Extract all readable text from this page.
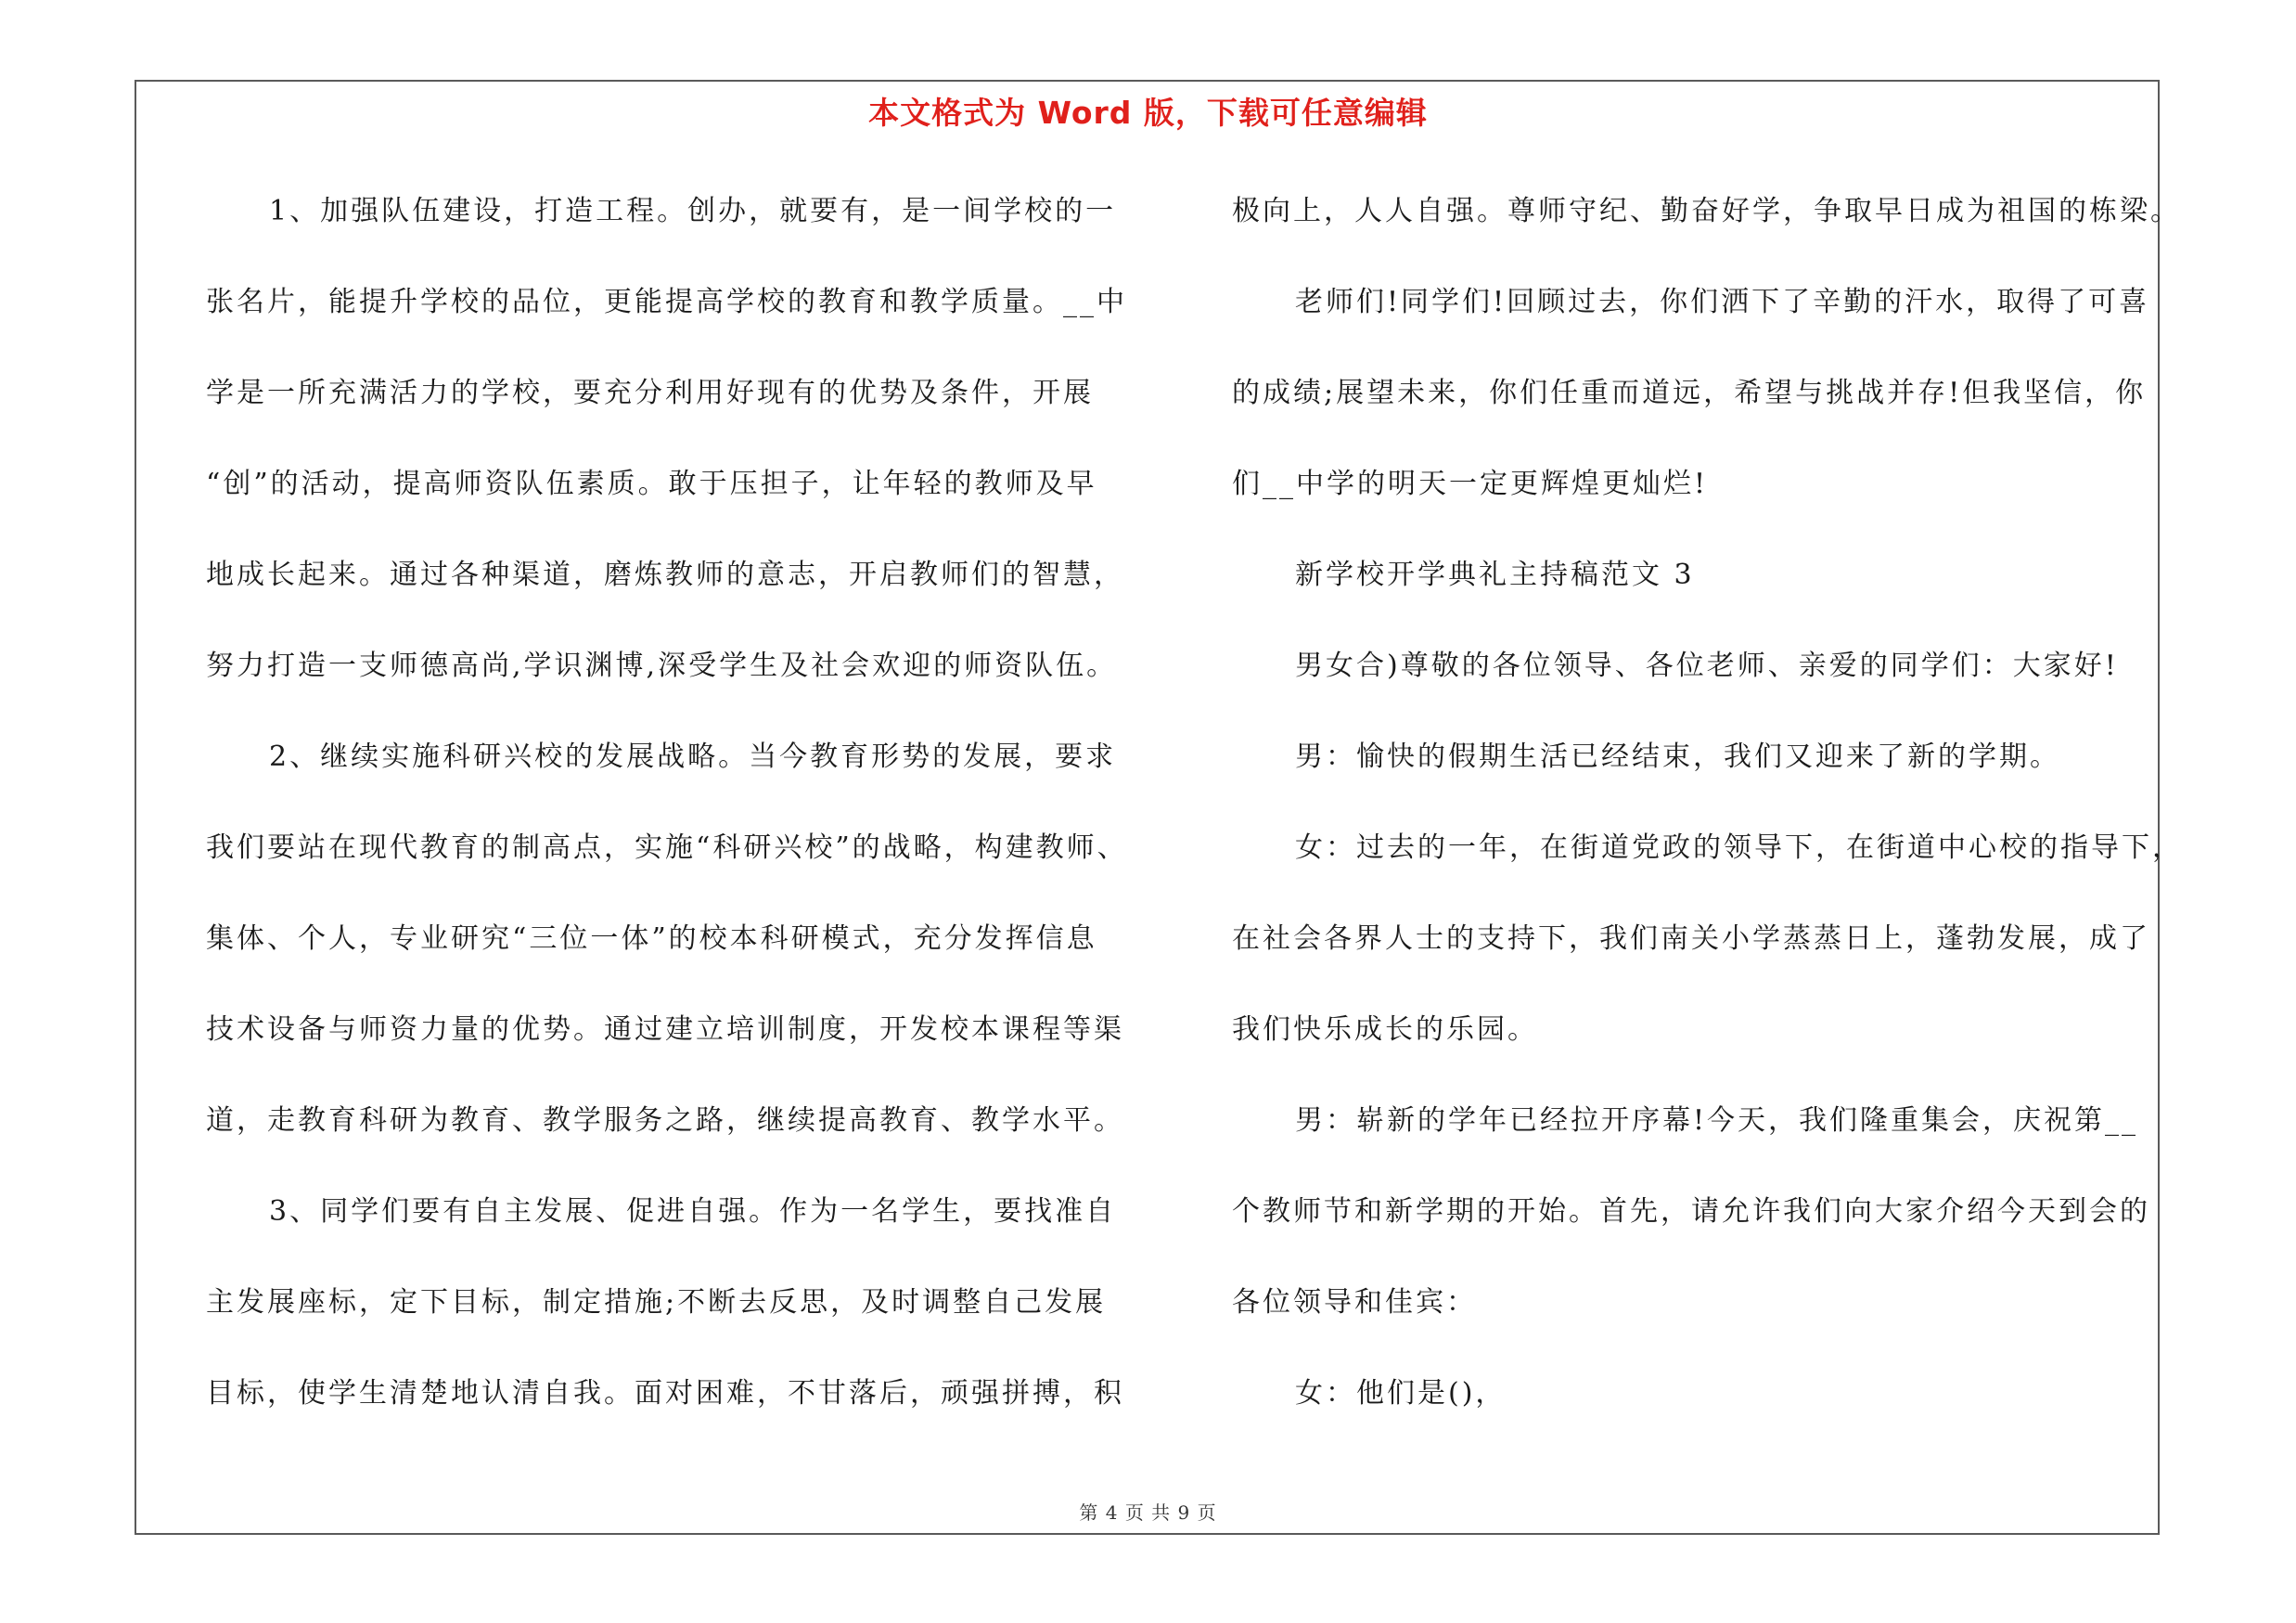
本文格式为 Word 版，下载可任意编辑
1、加强队伍建设，打造工程。创办，就要有，是一间学校的一
张名片，能提升学校的品位，更能提高学校的教育和教学质量。__中
学是一所充满活力的学校，要充分利用好现有的优势及条件，开展
“创”的活动，提高师资队伍素质。敢于压担子，让年轻的教师及早
地成长起来。通过各种渠道，磨炼教师的意志，开启教师们的智慧，
努力打造一支师德高尚,学识渊博,深受学生及社会欢迎的师资队伍。
2、继续实施科研兴校的发展战略。当今教育形势的发展，要求
我们要站在现代教育的制高点，实施“科研兴校”的战略，构建教师、
集体、个人，专业研究“三位一体”的校本科研模式，充分发挥信息
技术设备与师资力量的优势。通过建立培训制度，开发校本课程等渠
道，走教育科研为教育、教学服务之路，继续提高教育、教学水平。
3、同学们要有自主发展、促进自强。作为一名学生，要找准自
主发展座标，定下目标，制定措施;不断去反思，及时调整自己发展
目标，使学生清楚地认清自我。面对困难，不甘落后，顽强拼搏，积
极向上，人人自强。尊师守纪、勤奋好学，争取早日成为祖国的栋梁。
老师们!同学们!回顾过去，你们洒下了辛勤的汗水，取得了可喜
的成绩;展望未来，你们任重而道远，希望与挑战并存!但我坚信，你
们__中学的明天一定更辉煌更灿烂!
新学校开学典礼主持稿范文 3
男女合)尊敬的各位领导、各位老师、亲爱的同学们：大家好!
男：愉快的假期生活已经结束，我们又迎来了新的学期。
女：过去的一年，在街道党政的领导下，在街道中心校的指导下，
在社会各界人士的支持下，我们南关小学蒸蒸日上，蓬勃发展，成了
我们快乐成长的乐园。
男：崭新的学年已经拉开序幕!今天，我们隆重集会，庆祝第__
个教师节和新学期的开始。首先，请允许我们向大家介绍今天到会的
各位领导和佳宾：
女：他们是()，
第 4 页 共 9 页
